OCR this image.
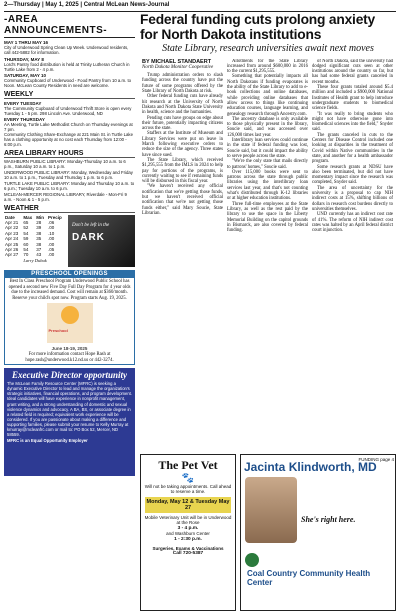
2—Thursday | May 1, 2025 | Central McLean News-Journal
-AREA ANNOUNCEMENTS-
MAY 1 THRU MAY 16
City of Underwood Spring Clean Up Week. Underwood residents, call 442-5882 for information.
THURSDAY, MAY 8
Lord's Pantry food distribution is held at Trinity Lutheran Church in Turtle Lake from 2 - 4 p.m.
SATURDAY, MAY 10
Community Cupboard of Underwood - Food Pantry from 10 a.m. to Noon. McLean County Residents in need are welcome.
WEEKLY
EVERY TUESDAY
The Community Cupboard of Underwood Thrift Store is open every Tuesday 1 - 5 pm. 298 Lincoln Ave. Underwood, ND
EVERY THURSDAY
AA Meeting, Turtle Lake Methodist Church on Thursday evenings at 7 pm.
Community Clothing Share-Exchange at 221 Main St. in Turtle Lake has a clothing opportunity at no cost each Thursday from 12:00 - 6:00 p.m.
AREA LIBRARY HOURS
WASHBURN PUBLIC LIBRARY: Monday-Thursday 10 a.m. to 6 p.m., Saturday 10 a.m. to 1 p.m.
UNDERWOOD PUBLIC LIBRARY: Monday, Wednesday and Friday 10 a.m. to 1 p.m., Tuesday and Thursday 1 p.m. to 6 p.m.
TURTLE LAKE PUBLIC LIBRARY: Monday and Thursday 10 a.m. to 6 p.m.; Tuesday 10 a.m. to 6 p.m.
MCLEAN-MERCER REGIONAL LIBRARY, Riverdale - Mon-Fri 9 a.m. - Noon & 1 - 5 p.m.
WEATHER
Date	Max	Min	Precip
Apr 21	65	28	.06
Apr 22	52	39	.00
Apr 23	54	38	.10
Apr 24	59	35	.00
Apr 25	60	38	.00
Apr 26	54	37	.05
Apr 27	70	43	.00
Larry Dubuk
Don't be left in the
DARK
PRESCHOOL OPENINGS
Best In Class Preschool Program Underwood Public School has opened a second new Five Day Full Day Program for 4 year olds due to the increased demand. Cost will remain at $360/month. Reserve your child's spot now. Program starts Aug. 19, 2025.
Preschool
June 18-19, 2025
For more information contact Hope Rash at hope.rash@underwood.k12.nd.us or 442-3274.
Executive Director opportunity
The McLean Family Resource Center (MFRC) is seeking a dynamic Executive Director to lead and manage the organization's strategic initiatives, financial operations, and program development. Ideal candidates will have experience in nonprofit management, grant writing, and a strong understanding of domestic and sexual violence dynamics and advocacy. A BA, BS, or associate degree in a related field is required; equivalent work experience will be considered. If you are passionate about making a difference and supporting families, please submit your resume to Kelly Murray at kmurray@mcleanfrc.com or mail to: PO Box 52, Mercer, ND 58559.
MFRC is an Equal Opportunity Employer
Federal funding cuts prolong anxiety for North Dakota institutions
State Library, research universities await next moves

BY MICHAEL STANDAERT

North Dakota Monitor Cooperative

Trump administration orders to slash funding across the country have put the future of some programs offered by the State Library of North Dakota at risk.

Other federal funding cuts have already hit research at the University of North Dakota and North Dakota State University in health, science and the humanities.

Pending cuts have groups on edge about their future, potentially impacting citizens across the state.

Staffers at the Institute of Museum and Library Services were put on leave in March following executive orders to reduce the size of the agency. Three states have since sued.

The State Library, which received $1,295,555 from the IMLS in 2024 to help pay for portions of the programs, is currently waiting to see if remaining funds will be disbursed in this fiscal year.

"We haven't received any official notification that we're getting those funds, but we haven't received official notification that we're not getting those funds either," said Mary Soucie, State Librarian.

Allotments for the State Library increased from around $600,000 in 2016 to the current $1,295,555.

Something that potentially impacts all North Dakotans if funding evaporates is the ability of the State Library to add to e-book collections and online databases, while providing online databases that allow access to things like continuing education courses, language learning, and genealogy research through Ancestry.com.

The ancestry database is only available to those physically present in the library, Soucie said, and was accessed over 126,000 times last year.

Interlibrary loan services could continue in the state if federal funding was lost, Soucie said, but it could impact the ability to serve people across the state.

"We're the only state that mails directly to patrons' homes," Soucie said.

Over 115,000 books were sent to patrons across the state through public libraries using the interlibrary loan services last year, and that's not counting what's distributed through K-12 libraries or at higher education institutions.

Three full-time employees at the State Library, as well as the rest paid by the library to use the space in the Liberty Memorial Building on the capitol grounds in Bismarck, are also covered by federal funding.

of North Dakota, said the university had dodged significant cuts seen at other institutions around the country so far, but has had some federal grants canceled in recent months.

These four grants totaled around $5.4 million and included a $900,000 National Institutes of Health grant to help introduce undergraduate students to biomedical science fields.

"It was really to bring students who might not have otherwise gone into biomedical sciences into the field," Snyder said.

The grants canceled in cuts to the Centers for Disease Control included one looking at disparities in the treatment of Covid within Native communities in the state, and another for a health ambassador program.

Some research grants at NDSU have also been terminated, but did not have momentary impact since the research was completed, Snyder said.

The area of uncertainty for the university is a proposal to cap NIH indirect costs at 15%, shifting billions of dollars in research cost burdens directly to universities themselves.

UND currently has an indirect cost rate of 41%. The reform of NIH indirect cost rates was halted by an April federal district court injunction.

FUNDING page 4
The Pet Vet
🐾
Will not be taking appointments. Call ahead to reserve a time.
Monday, May 12 & Tuesday May 27
Mobile Veterinary Unit will be in Underwood at the Rose
3 - 4 p.m.
and Washburn Center
1 - 2:30 p.m.
Surgeries, Exams & Vaccinations
Call 720-5387
Jacinta Klindworth, MD
She's right here.
Coal Country Community Health Center
